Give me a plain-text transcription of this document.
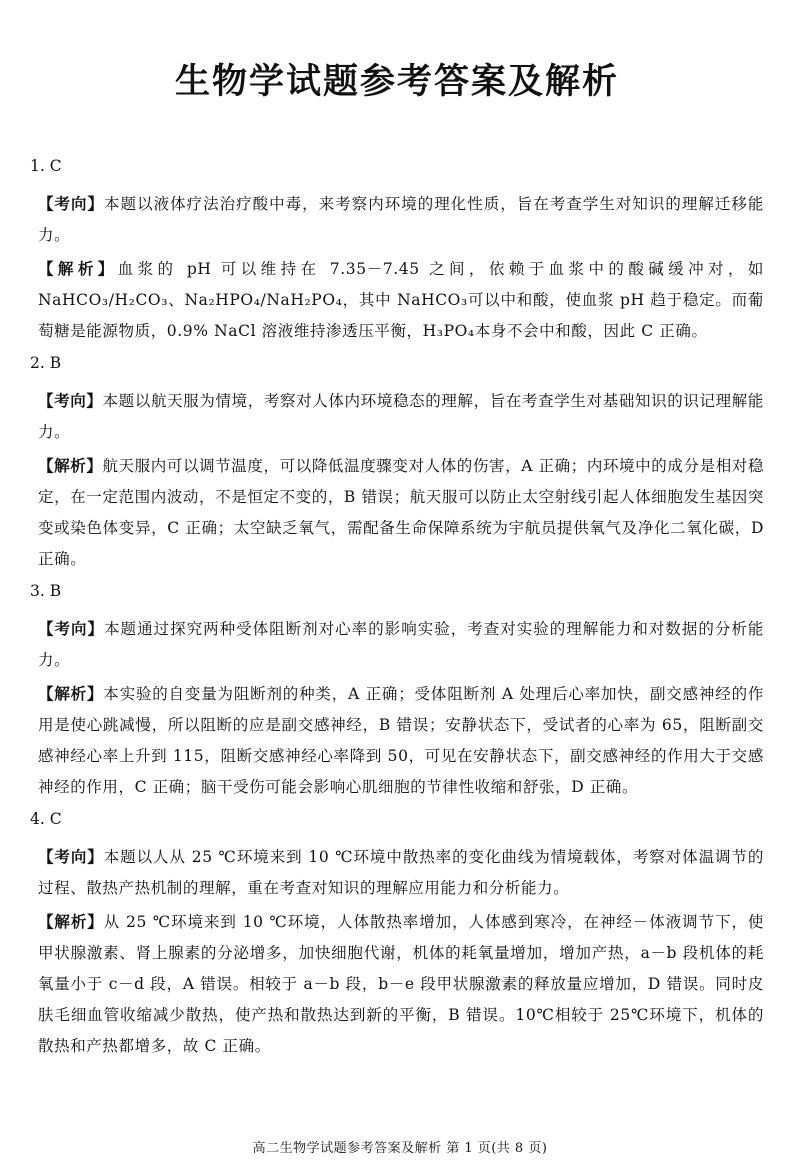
生物学试题参考答案及解析
1. C

【考向】本题以液体疗法治疗酸中毒，来考察内环境的理化性质，旨在考查学生对知识的理解迁移能力。

【解析】血浆的 pH 可以维持在 7.35－7.45 之间，依赖于血浆中的酸碱缓冲对，如 NaHCO₃/H₂CO₃、Na₂HPO₄/NaH₂PO₄，其中 NaHCO₃可以中和酸，使血浆 pH 趋于稳定。而葡萄糖是能源物质，0.9% NaCl 溶液维持渗透压平衡，H₃PO₄本身不会中和酸，因此 C 正确。

2. B

【考向】本题以航天服为情境，考察对人体内环境稳态的理解，旨在考查学生对基础知识的识记理解能力。

【解析】航天服内可以调节温度，可以降低温度骤变对人体的伤害，A 正确；内环境中的成分是相对稳定，在一定范围内波动，不是恒定不变的，B 错误；航天服可以防止太空射线引起人体细胞发生基因突变或染色体变异，C 正确；太空缺乏氧气，需配备生命保障系统为宇航员提供氧气及净化二氧化碳，D 正确。

3. B

【考向】本题通过探究两种受体阻断剂对心率的影响实验，考查对实验的理解能力和对数据的分析能力。

【解析】本实验的自变量为阻断剂的种类，A 正确；受体阻断剂 A 处理后心率加快，副交感神经的作用是使心跳减慢，所以阻断的应是副交感神经，B 错误；安静状态下，受试者的心率为 65，阻断副交感神经心率上升到 115，阻断交感神经心率降到 50，可见在安静状态下，副交感神经的作用大于交感神经的作用，C 正确；脑干受伤可能会影响心肌细胞的节律性收缩和舒张，D 正确。

4. C

【考向】本题以人从 25 ℃环境来到 10 ℃环境中散热率的变化曲线为情境载体，考察对体温调节的过程、散热产热机制的理解，重在考查对知识的理解应用能力和分析能力。

【解析】从 25 ℃环境来到 10 ℃环境，人体散热率增加，人体感到寒冷，在神经－体液调节下，使甲状腺激素、肾上腺素的分泌增多，加快细胞代谢，机体的耗氧量增加，增加产热，a－b 段机体的耗氧量小于 c－d 段，A 错误。相较于 a－b 段，b－e 段甲状腺激素的释放量应增加，D 错误。同时皮肤毛细血管收缩减少散热，使产热和散热达到新的平衡，B 错误。10℃相较于 25℃环境下，机体的散热和产热都增多，故 C 正确。

高二生物学试题参考答案及解析 第 1 页(共 8 页)
